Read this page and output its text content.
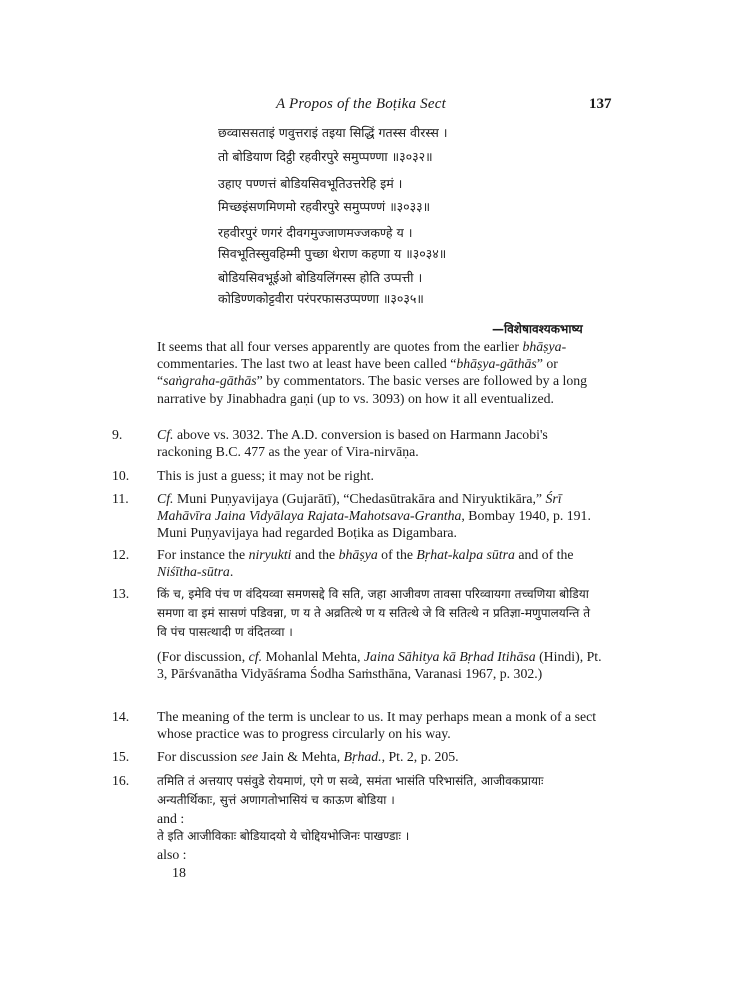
A Propos of the Boṭika Sect	137
छव्वाससताइं णवुत्तराइं तइया सिद्धिं गतस्स वीरस्स ।
तो बोडियाण दिट्ठी रहवीरपुरे समुप्पण्णा ॥३०३२॥
उहाए पण्णत्तं बोडियसिवभूतिउत्तरेहि इमं ।
मिच्छइंसणमिणमो रहवीरपुरे समुप्पण्णं ॥३०३३॥
रहवीरपुरं णगरं दीवगमुज्जाणमज्जकण्हे य ।
सिवभूतिस्सुवहिम्मी पुच्छा थेराण कहणा य ॥३०३४॥
बोडियसिवभूईओ बोडियलिंगस्स होति उप्पत्ती ।
कोडिण्णकोट्टवीरा परंपरफासउप्पण्णा ॥३०३५॥
—विशेषावश्यकभाष्य
It seems that all four verses apparently are quotes from the earlier bhāṣya-commentaries. The last two at least have been called “bhāṣya-gāthās” or “saṅgraha-gāthās” by commentators. The basic verses are followed by a long narrative by Jinabhadra gaṇi (up to vs. 3093) on how it all eventualized.
9.	Cf. above vs. 3032. The A.D. conversion is based on Harmann Jacobi's rackoning B.C. 477 as the year of Vira-nirvāṇa.
10.	This is just a guess; it may not be right.
11.	Cf. Muni Puṇyavijaya (Gujarātī), “Chedasūtrakāra and Niryuktikāra,” Śrī Mahāvīra Jaina Vidyālaya Rajata-Mahotsava-Grantha, Bombay 1940, p. 191. Muni Puṇyavijaya had regarded Boṭika as Digambara.
12.	For instance the niryukti and the bhāṣya of the Bṛhat-kalpa sūtra and of the Niśītha-sūtra.
13.	किं च, इमेवि पंच ण वंदियव्वा समणसद्दे वि सति, जहा आजीवण तावसा परिव्वायगा तच्चणिया बोडिया समणा वा इमं सासणं पडिवन्ना, ण य ते अव्रतित्थे ण य सतित्थे जे वि सतित्थे न प्रतिज्ञा-मणुपालयन्ति ते वि पंच पासत्थादी ण वंदितव्वा ।

(For discussion, cf. Mohanlal Mehta, Jaina Sāhitya kā Bṛhad Itihāsa (Hindi), Pt. 3, Pārśvanātha Vidyāśrama Śodha Saṁsthāna, Varanasi 1967, p. 302.)

14.	The meaning of the term is unclear to us. It may perhaps mean a monk of a sect whose practice was to progress circularly on his way.
15.	For discussion see Jain & Mehta, Bṛhad., Pt. 2, p. 205.
16.	तमिति तं अत्तयाए पसंवुडे रोयमाणं, एगे ण सव्वे, समंता भासंति परिभासंति, आजीवकप्रायाः अन्यतीर्थिकाः, सुत्तं अणागतोभासियं च काऊण बोडिया ।

and :

ते इति आजीविकाः बोडियादयो ये चोद्दियभोजिनः पाखण्डाः ।

also :

18
